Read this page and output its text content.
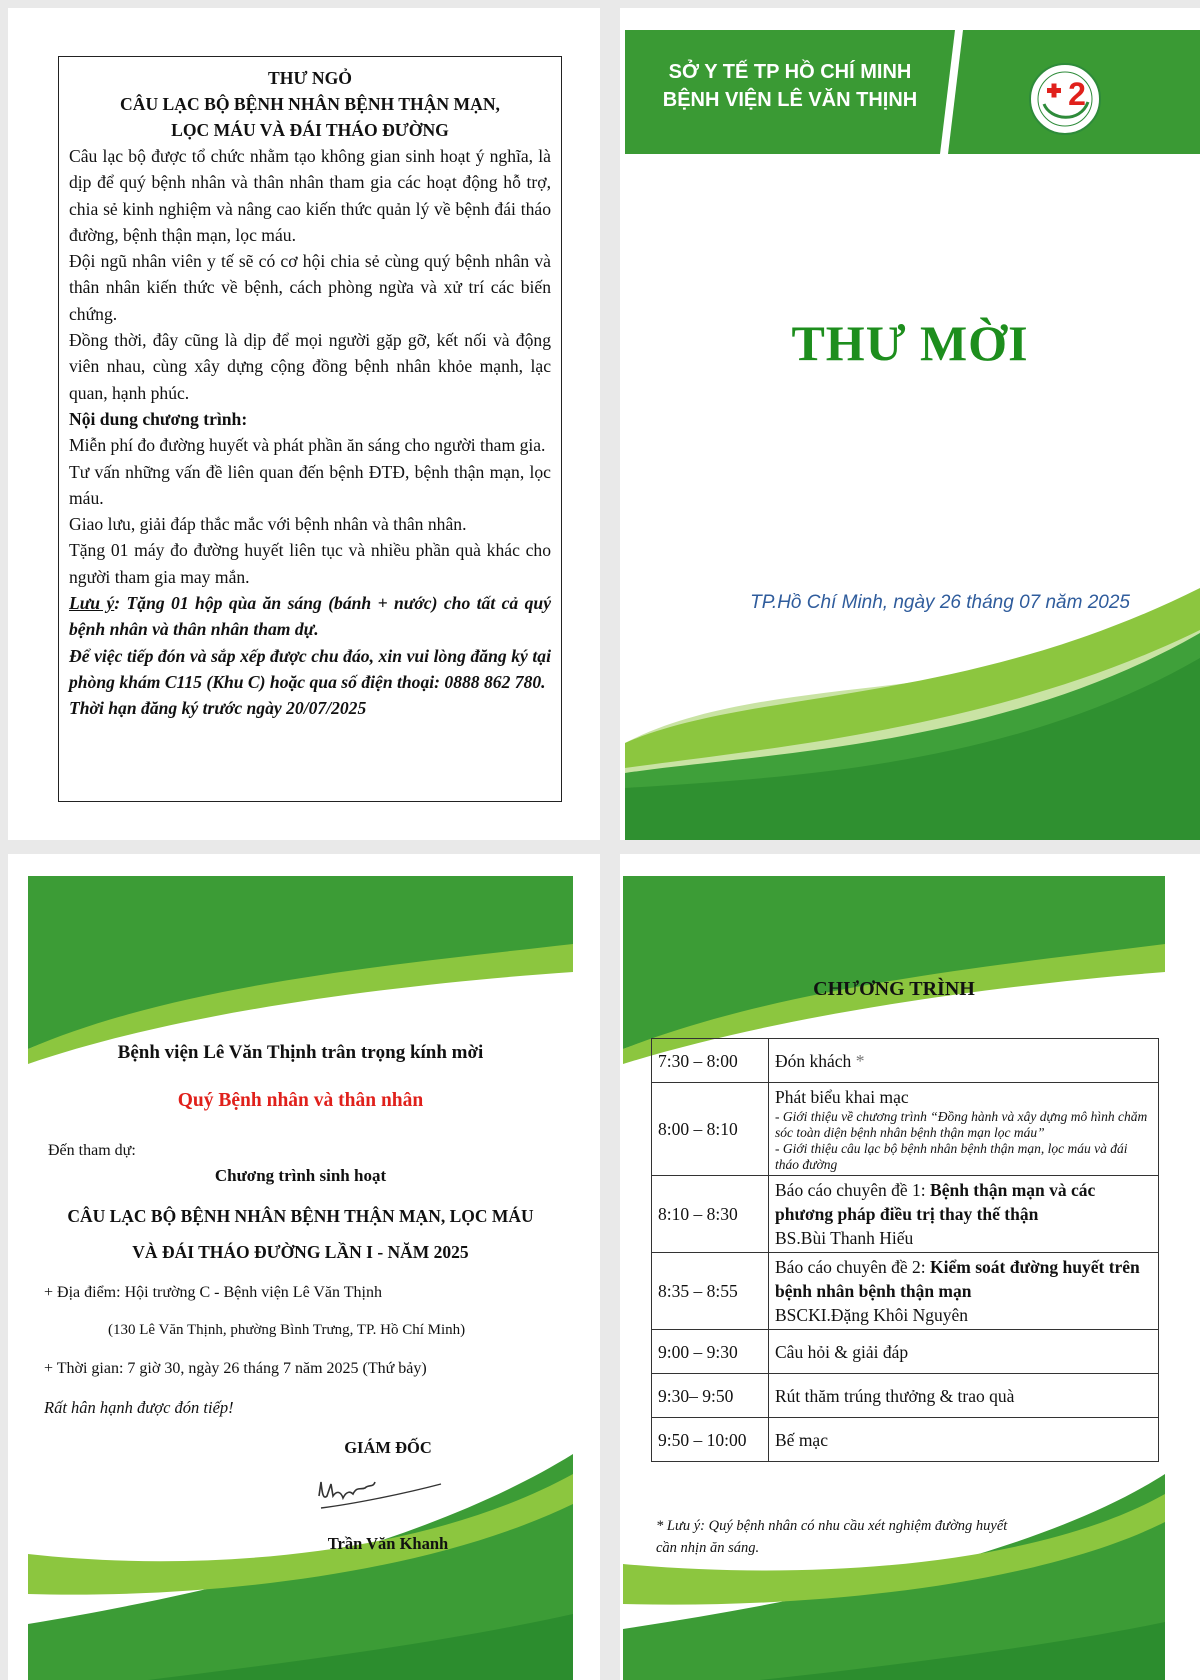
THƯ NGỎ
CÂU LẠC BỘ BỆNH NHÂN BỆNH THẬN MẠN,
LỌC MÁU VÀ ĐÁI THÁO ĐƯỜNG

Câu lạc bộ được tổ chức nhằm tạo không gian sinh hoạt ý nghĩa, là dịp để quý bệnh nhân và thân nhân tham gia các hoạt động hỗ trợ, chia sẻ kinh nghiệm và nâng cao kiến thức quản lý về bệnh đái tháo đường, bệnh thận mạn, lọc máu.

Đội ngũ nhân viên y tế sẽ có cơ hội chia sẻ cùng quý bệnh nhân và thân nhân kiến thức về bệnh, cách phòng ngừa và xử trí các biến chứng.

Đồng thời, đây cũng là dịp để mọi người gặp gỡ, kết nối và động viên nhau, cùng xây dựng cộng đồng bệnh nhân khỏe mạnh, lạc quan, hạnh phúc.

Nội dung chương trình:

Miễn phí đo đường huyết và phát phần ăn sáng cho người tham gia.

Tư vấn những vấn đề liên quan đến bệnh ĐTĐ, bệnh thận mạn, lọc máu.

Giao lưu, giải đáp thắc mắc với bệnh nhân và thân nhân.

Tặng 01 máy đo đường huyết liên tục và nhiều phần quà khác cho người tham gia may mắn.

Lưu ý: Tặng 01 hộp qùa ăn sáng (bánh + nước) cho tất cả quý bệnh nhân và thân nhân tham dự.

Để việc tiếp đón và sắp xếp được chu đáo, xin vui lòng đăng ký tại phòng khám C115 (Khu C) hoặc qua số điện thoại: 0888 862 780.

Thời hạn đăng ký trước ngày 20/07/2025

SỞ Y TẾ TP HỒ CHÍ MINH
BỆNH VIỆN LÊ VĂN THỊNH	2
THƯ MỜI
TP.Hồ Chí Minh, ngày 26 tháng 07 năm 2025
Bệnh viện Lê Văn Thịnh trân trọng kính mời
Quý Bệnh nhân và thân nhân
Đến tham dự:
Chương trình sinh hoạt
CÂU LẠC BỘ BỆNH NHÂN BỆNH THẬN MẠN, LỌC MÁU
VÀ ĐÁI THÁO ĐƯỜNG LẦN I - NĂM 2025
+ Địa điểm: Hội trường C - Bệnh viện Lê Văn Thịnh
(130 Lê Văn Thịnh, phường Bình Trưng, TP. Hồ Chí Minh)
+ Thời gian: 7 giờ 30, ngày 26 tháng 7 năm 2025 (Thứ bảy)
Rất hân hạnh được đón tiếp!
GIÁM ĐỐC
Trần Văn Khanh
CHƯƠNG TRÌNH
7:30 – 8:00	Đón khách *
8:00 – 8:10	Phát biểu khai mạc
- Giới thiệu về chương trình “Đồng hành và xây dựng mô hình chăm sóc toàn diện bệnh nhân bệnh thận mạn lọc máu”
- Giới thiệu câu lạc bộ bệnh nhân bệnh thận mạn, lọc máu và đái tháo đường

8:10 – 8:30	Báo cáo chuyên đề 1: Bệnh thận mạn và các phương pháp điều trị thay thế thận
BS.Bùi Thanh Hiếu

8:35 – 8:55	Báo cáo chuyên đề 2: Kiểm soát đường huyết trên bệnh nhân bệnh thận mạn
BSCKI.Đặng Khôi Nguyên

9:00 – 9:30	Câu hỏi & giải đáp
9:30– 9:50	Rút thăm trúng thưởng & trao quà
9:50 – 10:00	Bế mạc
* Lưu ý: Quý bệnh nhân có nhu cầu xét nghiệm đường huyết
cần nhịn ăn sáng.
